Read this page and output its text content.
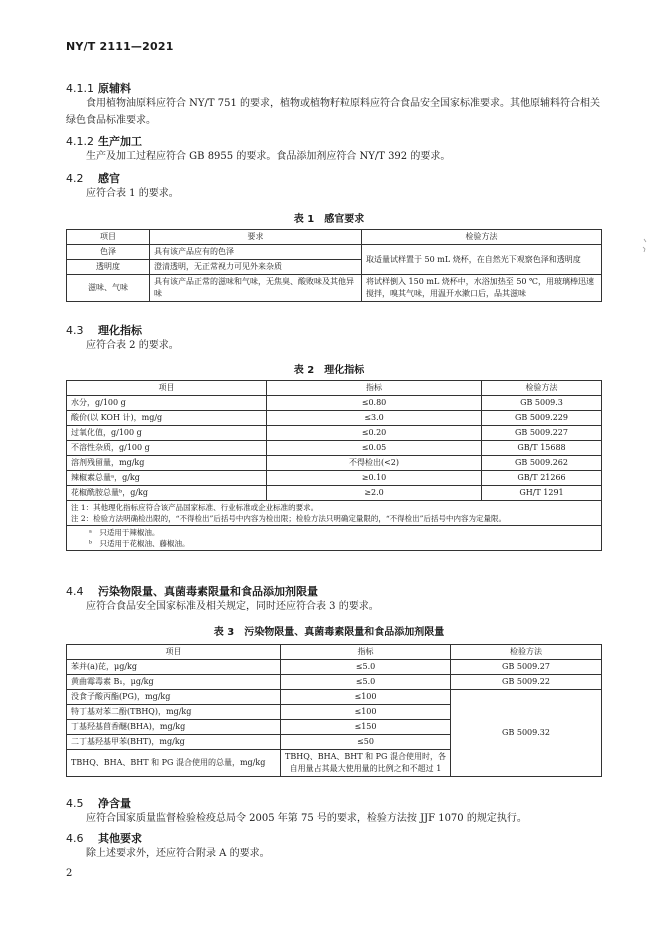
NY/T 2111—2021
4.1.1 原辅料
食用植物油原料应符合 NY/T 751 的要求，植物或植物籽粒原料应符合食品安全国家标准要求。其他原辅料符合相关绿色食品标准要求。
4.1.2 生产加工
生产及加工过程应符合 GB 8955 的要求。食品添加剂应符合 NY/T 392 的要求。
4.2 感官
应符合表 1 的要求。
表 1　感官要求
项目	要求	检验方法
色泽	具有该产品应有的色泽	取适量试样置于 50 mL 烧杯，在自然光下观察色泽和透明度
透明度	澄清透明，无正常视力可见外来杂质	
滋味、气味	具有该产品正常的滋味和气味，无焦臭、酸败味及其他异味	将试样倒入 150 mL 烧杯中，水浴加热至 50 ℃，用玻璃棒迅速搅拌，嗅其气味，用温开水漱口后，品其滋味
4.3 理化指标
应符合表 2 的要求。
表 2　理化指标
项目	指标	检验方法
水分，g/100 g	≤0.80	GB 5009.3
酸价(以 KOH 计)，mg/g	≤3.0	GB 5009.229
过氧化值，g/100 g	≤0.20	GB 5009.227
不溶性杂质，g/100 g	≤0.05	GB/T 15688
溶剂残留量，mg/kg	不得检出(<2)	GB 5009.262
辣椒素总量ᵃ，g/kg	≥0.10	GB/T 21266
花椒酰胺总量ᵇ，g/kg	≥2.0	GH/T 1291

注 1：其他理化指标应符合该产品国家标准、行业标准或企业标准的要求。
注 2：检验方法明确检出限的，“不得检出”后括号中内容为检出限；检验方法只明确定量限的，“不得检出”后括号中内容为定量限。		

ᵃ　只适用于辣椒油。
ᵇ　只适用于花椒油、藤椒油。		
4.4 污染物限量、真菌毒素限量和食品添加剂限量
应符合食品安全国家标准及相关规定，同时还应符合表 3 的要求。
表 3　污染物限量、真菌毒素限量和食品添加剂限量
项目	指标	检验方法
苯并(a)芘，μg/kg	≤5.0	GB 5009.27
黄曲霉毒素 B₁，μg/kg	≤5.0	GB 5009.22
没食子酸丙酯(PG)，mg/kg	≤100	GB 5009.32
特丁基对苯二酚(TBHQ)，mg/kg	≤100	
丁基羟基茴香醚(BHA)，mg/kg	≤150	
二丁基羟基甲苯(BHT)，mg/kg	≤50	
TBHQ、BHA、BHT 和 PG 混合使用的总量，mg/kg	TBHQ、BHA、BHT 和 PG 混合使用时，各自用量占其最大使用量的比例之和不超过 1	
4.5 净含量
应符合国家质量监督检验检疫总局令 2005 年第 75 号的要求，检验方法按 JJF 1070 的规定执行。
4.6 其他要求
除上述要求外，还应符合附录 A 的要求。
2
